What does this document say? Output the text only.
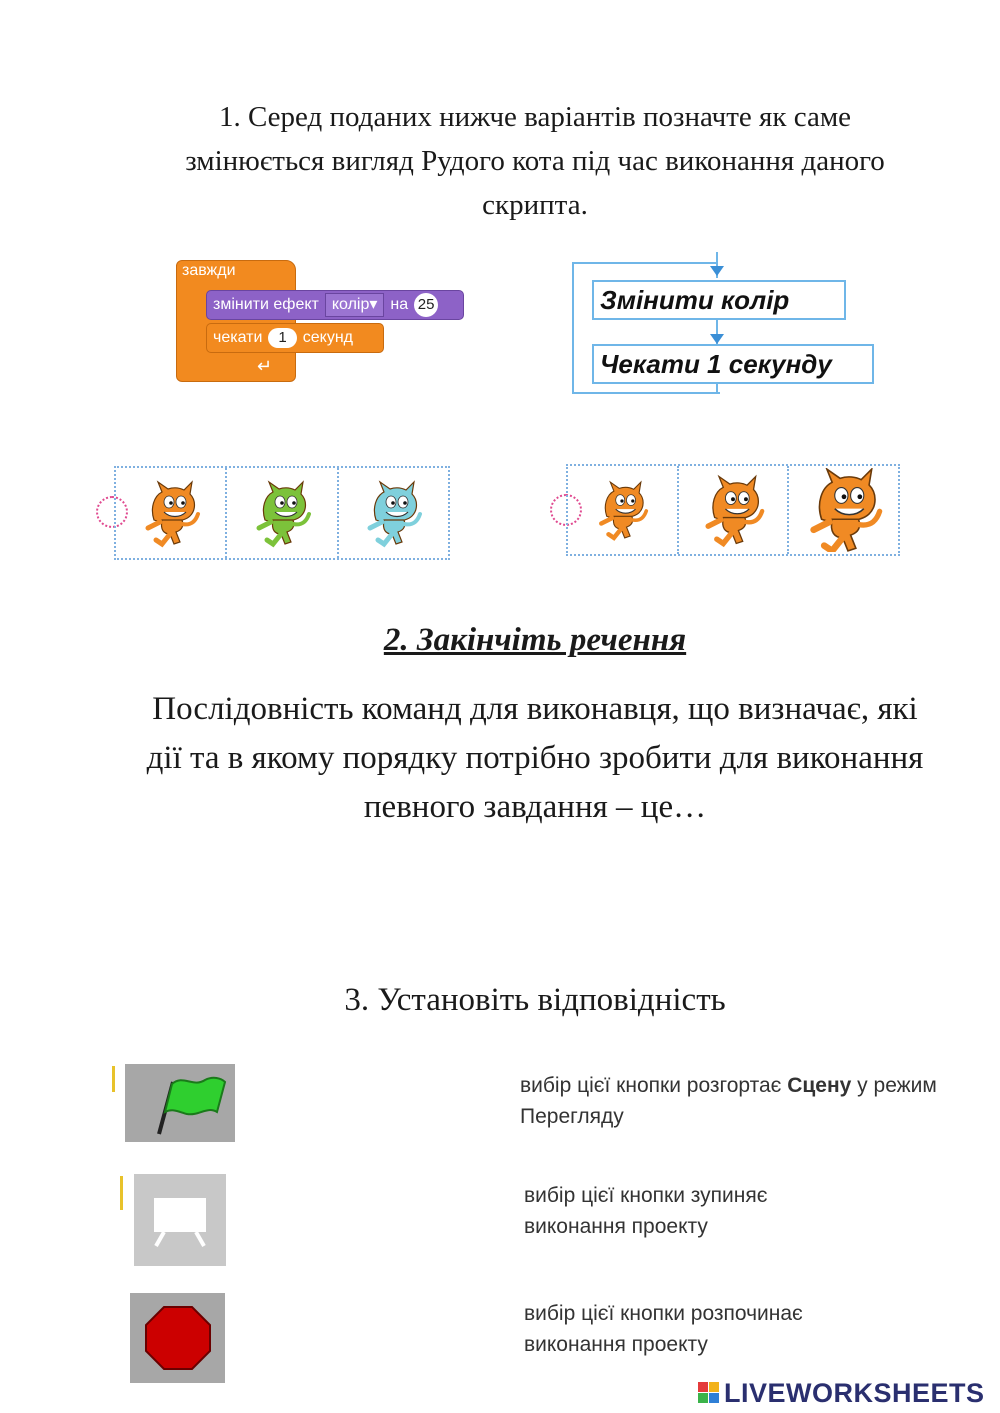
1. Серед поданих нижче варіантів позначте як саме змінюється вигляд Рудого кота під час виконання даного скрипта.
завжди
↵
змінити ефект колір▾ на 25
чекати	1	секунд
Змінити колір
Чекати 1 секунду
2. Закінчіть речення
Послідовність команд для виконавця, що визначає, які дії та в якому порядку потрібно зробити для виконання певного завдання – це…
3. Установіть відповідність
вибір цієї кнопки розгортає Сцену у режим Перегляду
вибір цієї кнопки зупиняє виконання проекту
вибір цієї кнопки розпочинає виконання проекту
LIVEWORKSHEETS
